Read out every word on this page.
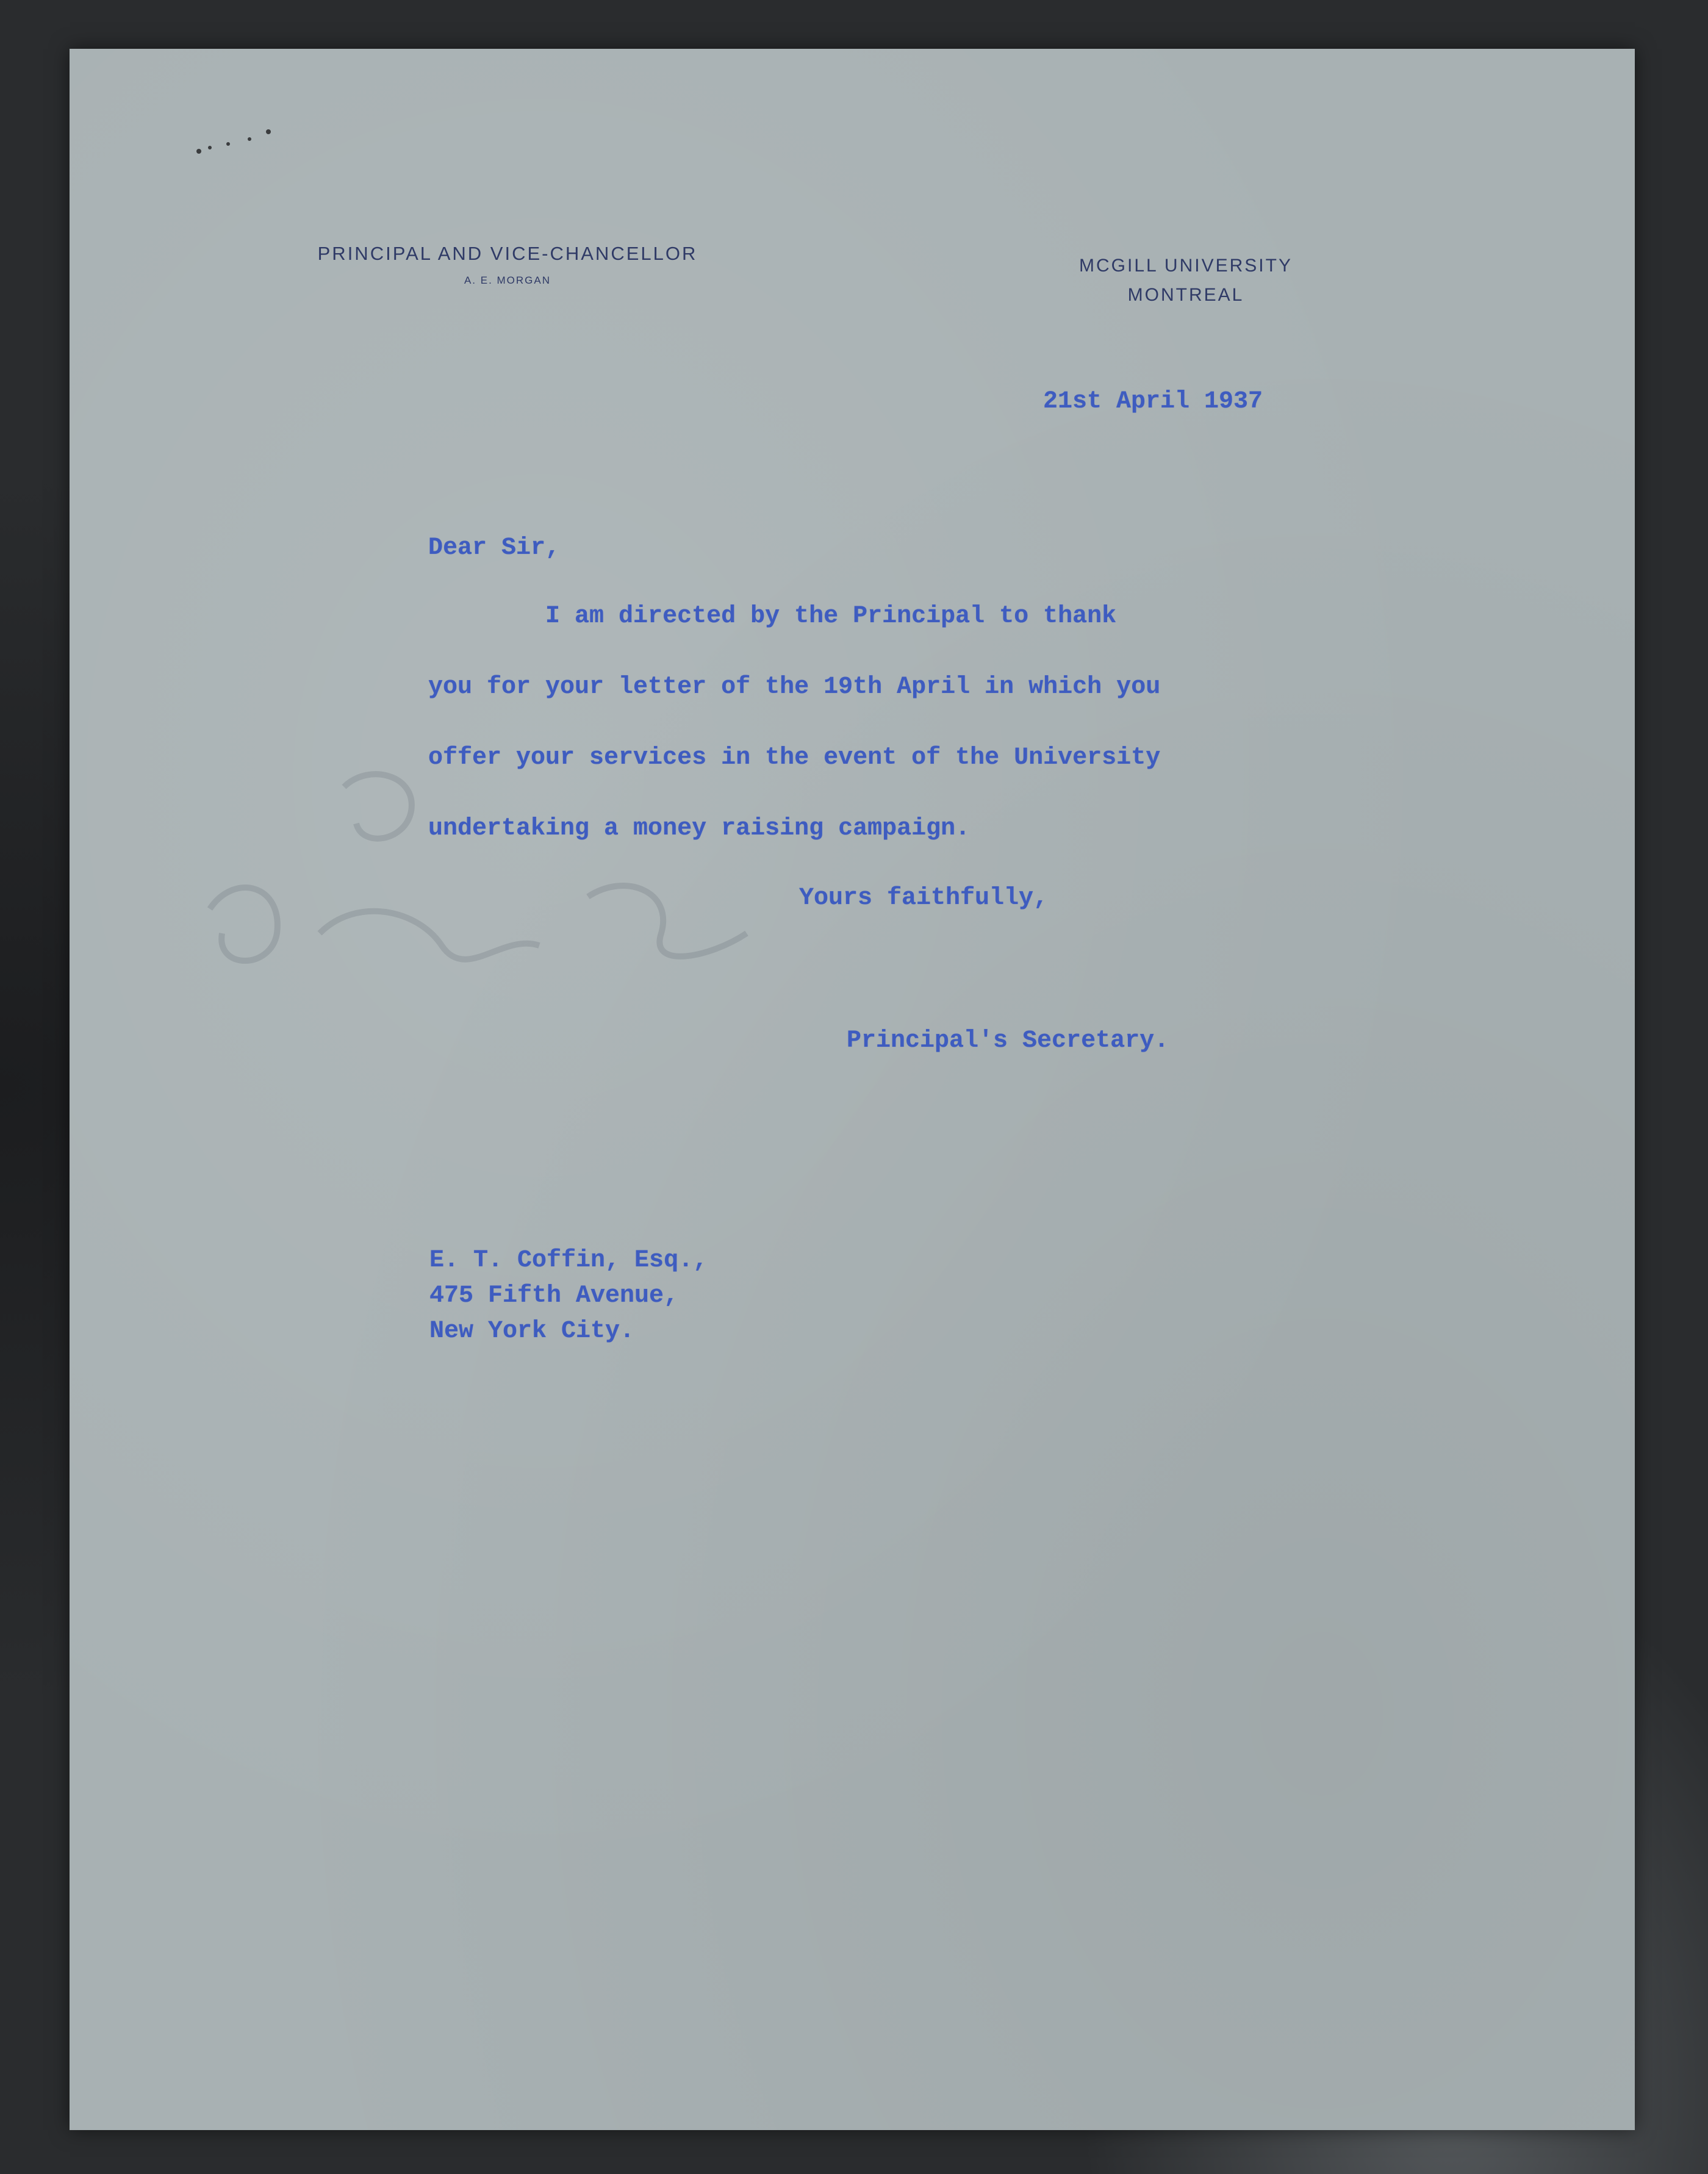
PRINCIPAL AND VICE-CHANCELLOR
A. E. MORGAN
MCGILL UNIVERSITY
MONTREAL
21st April 1937
Dear Sir,
I am directed by the Principal to thank
you for your letter of the 19th April in which you
offer your services in the event of the University
undertaking a money raising campaign.
Yours faithfully,
Principal's Secretary.
E. T. Coffin, Esq.,
475 Fifth Avenue,
New York City.
